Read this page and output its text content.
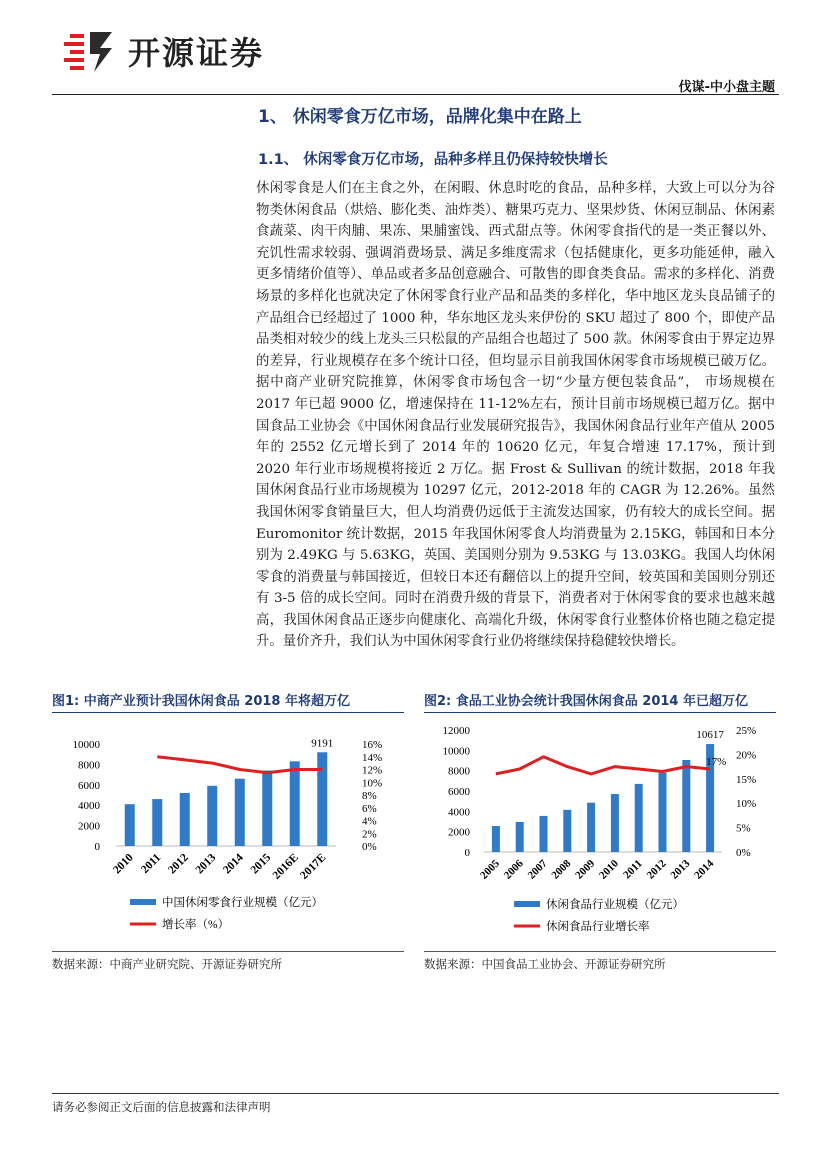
开源证券
伐谋-中小盘主题
1、 休闲零食万亿市场，品牌化集中在路上
1.1、 休闲零食万亿市场，品种多样且仍保持较快增长
休闲零食是人们在主食之外，在闲暇、休息时吃的食品，品种多样，大致上可以分为谷物类休闲食品（烘焙、膨化类、油炸类）、糖果巧克力、坚果炒货、休闲豆制品、休闲素食蔬菜、肉干肉脯、果冻、果脯蜜饯、西式甜点等。休闲零食指代的是一类正餐以外、充饥性需求较弱、强调消费场景、满足多维度需求（包括健康化，更多功能延伸，融入更多情绪价值等）、单品或者多品创意融合、可散售的即食类食品。需求的多样化、消费场景的多样化也就决定了休闲零食行业产品和品类的多样化，华中地区龙头良品铺子的产品组合已经超过了 1000 种，华东地区龙头来伊份的 SKU 超过了 800 个，即使产品品类相对较少的线上龙头三只松鼠的产品组合也超过了 500 款。休闲零食由于界定边界的差异，行业规模存在多个统计口径，但均显示目前我国休闲零食市场规模已破万亿。据中商产业研究院推算，休闲零食市场包含一切“少量方便包装食品”， 市场规模在 2017 年已超 9000 亿，增速保持在 11-12%左右，预计目前市场规模已超万亿。据中国食品工业协会《中国休闲食品行业发展研究报告》，我国休闲食品行业年产值从 2005 年的 2552 亿元增长到了 2014 年的 10620 亿元，年复合增速 17.17%，预计到 2020 年行业市场规模将接近 2 万亿。据 Frost & Sullivan 的统计数据，2018 年我国休闲食品行业市场规模为 10297 亿元，2012-2018 年的 CAGR 为 12.26%。虽然我国休闲零食销量巨大，但人均消费仍远低于主流发达国家，仍有较大的成长空间。据 Euromonitor 统计数据，2015 年我国休闲零食人均消费量为 2.15KG，韩国和日本分别为 2.49KG 与 5.63KG，英国、美国则分别为 9.53KG 与 13.03KG。我国人均休闲零食的消费量与韩国接近，但较日本还有翻倍以上的提升空间，较英国和美国则分别还有 3-5 倍的成长空间。同时在消费升级的背景下，消费者对于休闲零食的要求也越来越高，我国休闲食品正逐步向健康化、高端化升级，休闲零食行业整体价格也随之稳定提升。量价齐升，我们认为中国休闲零食行业仍将继续保持稳健较快增长。
图1: 中商产业预计我国休闲食品 2018 年将超万亿
10000
8000
6000
4000
2000
0
16%
14%
12%
10%
8%
6%
4%
2%
0%
9191
2010 2011 2012 2013 2014 2015
2016E
2017E
中国休闲零食行业规模（亿元）
增长率（%）
数据来源：中商产业研究院、开源证券研究所
图2: 食品工业协会统计我国休闲食品 2014 年已超万亿
12000
10000
8000
6000
4000
2000
0
25%
20%
15%
10%
5%
0%
10617
17%
2005 2006 2007 2008 2009 2010 2011 2012 2013 2014
休闲食品行业规模（亿元）
休闲食品行业增长率
数据来源：中国食品工业协会、开源证券研究所
请务必参阅正文后面的信息披露和法律声明
